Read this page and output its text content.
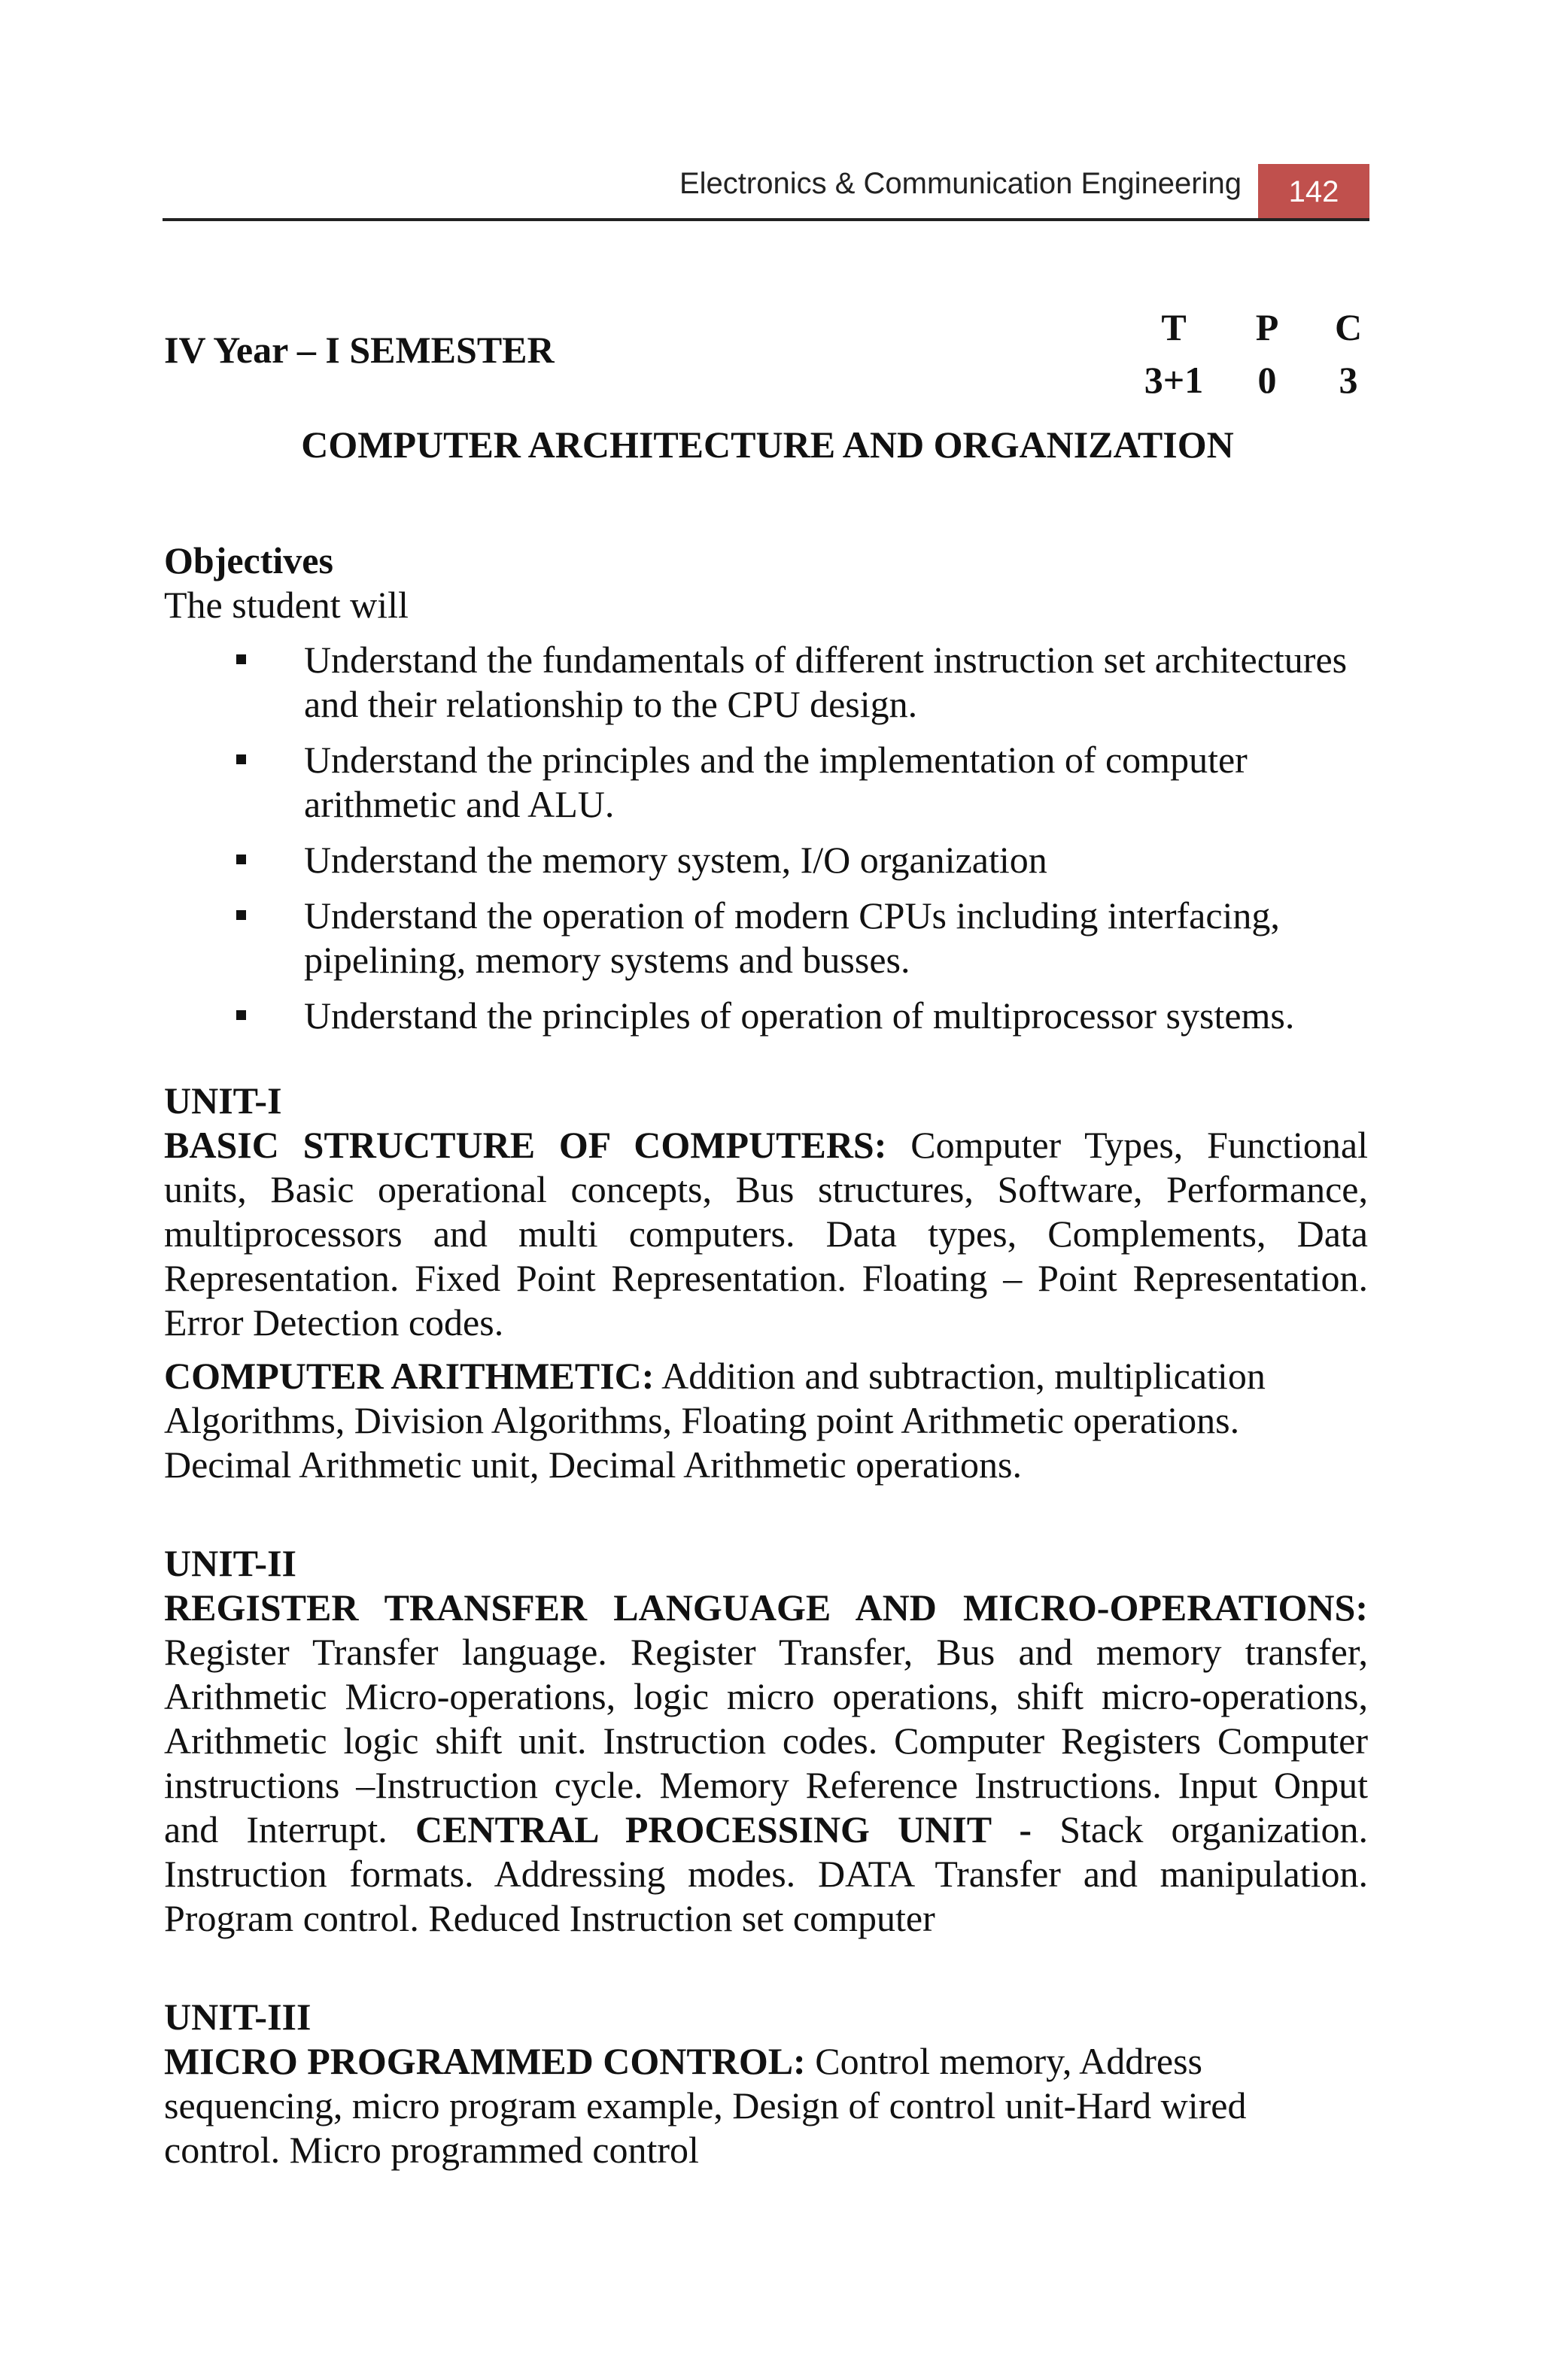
Electronics & Communication Engineering	142
IV Year – I SEMESTER
T
3+1
P
0
C
3
COMPUTER ARCHITECTURE AND ORGANIZATION

Objectives

The student will

Understand the fundamentals of different instruction set architectures and their relationship to the CPU design.
Understand the principles and the implementation of computer arithmetic and ALU.
Understand the memory system, I/O organization
Understand the operation of modern CPUs including interfacing, pipelining, memory systems and busses.
Understand the principles of operation of multiprocessor systems.

UNIT-I

BASIC STRUCTURE OF COMPUTERS: Computer Types, Functional units, Basic operational concepts, Bus structures, Software, Performance, multiprocessors and multi computers. Data types, Complements, Data Representation. Fixed Point Representation. Floating – Point Representation. Error Detection codes.

COMPUTER ARITHMETIC: Addition and subtraction, multiplication Algorithms, Division Algorithms, Floating point Arithmetic operations. Decimal Arithmetic unit, Decimal Arithmetic operations.

UNIT-II

REGISTER TRANSFER LANGUAGE AND MICRO-OPERATIONS: Register Transfer language. Register Transfer, Bus and memory transfer, Arithmetic Micro-operations, logic micro operations, shift micro-operations, Arithmetic logic shift unit. Instruction codes. Computer Registers Computer instructions –Instruction cycle. Memory Reference Instructions. Input Onput and Interrupt. CENTRAL PROCESSING UNIT - Stack organization. Instruction formats. Addressing modes. DATA Transfer and manipulation. Program control. Reduced Instruction set computer

UNIT-III

MICRO PROGRAMMED CONTROL: Control memory, Address sequencing, micro program example, Design of control unit-Hard wired control. Micro programmed control
